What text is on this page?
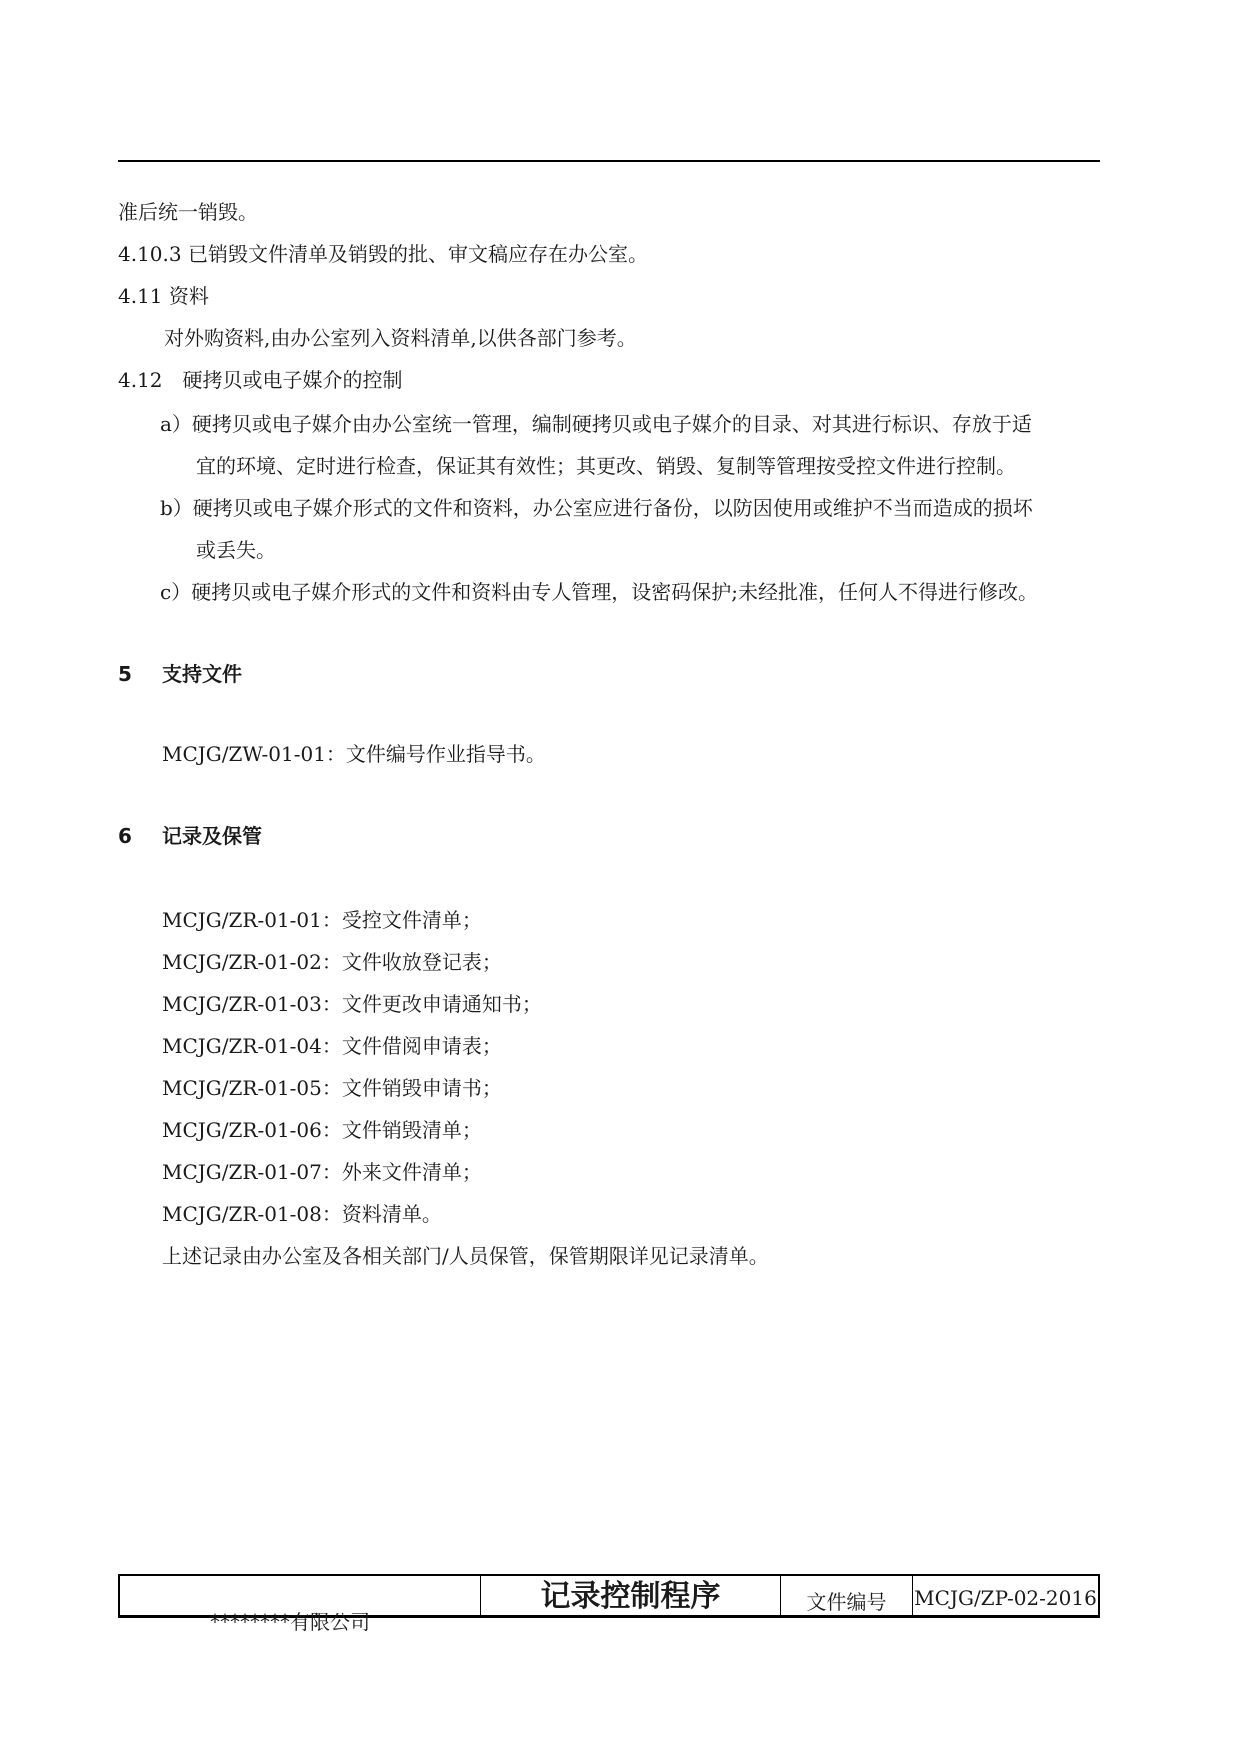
准后统一销毁。
4.10.3 已销毁文件清单及销毁的批、审文稿应存在办公室。
4.11 资料
对外购资料,由办公室列入资料清单,以供各部门参考。
4.12　硬拷贝或电子媒介的控制
a）硬拷贝或电子媒介由办公室统一管理，编制硬拷贝或电子媒介的目录、对其进行标识、存放于适
宜的环境、定时进行检查，保证其有效性；其更改、销毁、复制等管理按受控文件进行控制。
b）硬拷贝或电子媒介形式的文件和资料，办公室应进行备份，以防因使用或维护不当而造成的损坏
或丢失。
c）硬拷贝或电子媒介形式的文件和资料由专人管理，设密码保护;未经批准，任何人不得进行修改。
5 支持文件
MCJG/ZW-01-01：文件编号作业指导书。
6 记录及保管
MCJG/ZR-01-01：受控文件清单；
MCJG/ZR-01-02：文件收放登记表；
MCJG/ZR-01-03：文件更改申请通知书；
MCJG/ZR-01-04：文件借阅申请表；
MCJG/ZR-01-05：文件销毁申请书；
MCJG/ZR-01-06：文件销毁清单；
MCJG/ZR-01-07：外来文件清单；
MCJG/ZR-01-08：资料清单。
上述记录由办公室及各相关部门/人员保管，保管期限详见记录清单。
********有限公司
记录控制程序	文件编号	MCJG/ZP-02-2016
